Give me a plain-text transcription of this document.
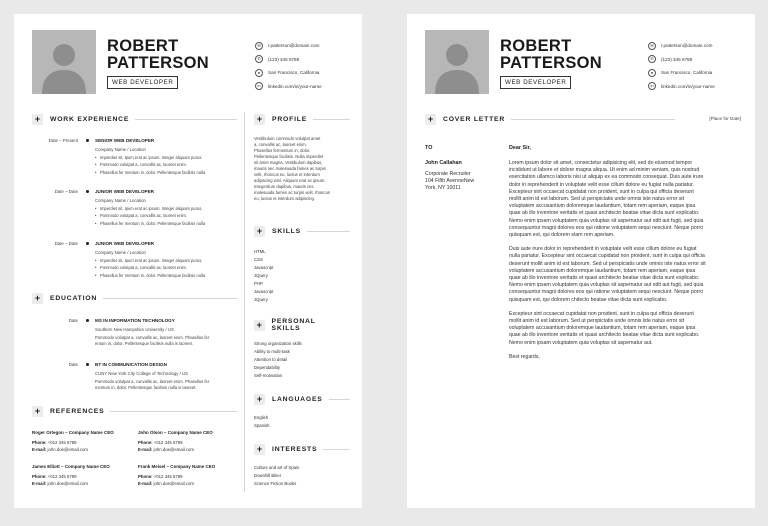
ROBERT
PATTERSON
WEB DEVELOPER
✉	r.patterson@domain.com
✆	(123) 345 6789
●	San Francisco, California
in	linkedin.com/in/your-name
+	WORK EXPERIENCE
Date – Present	SENIOR WEB DEVELOPER
Company Name / Location
• Imperdiet sit. Ipum erat ac ipsum. Integer aliquam purus.
• Pommodo volutpat a, convallis ac, laoreet enim.
• Phasellus fer mentum in, dolor. Pellentesque facilisis nulla
Date – Date	JUNIOR WEB DEVELOPER
Company Name / Location
• Imperdiet sit. Ipum erat ac ipsum. Integer aliquam purus.
• Pommodo volutpat a, convallis ac, laoreet enim.
• Phasellus fer mentum in, dolor. Pellentesque facilisis nulla
Date – Date	JUNIOR WEB DEVELOPER
Company Name / Location
• Imperdiet sit. Ipum erat ac ipsum. Integer aliquam purus.
• Pommodo volutpat a, convallis ac, laoreet enim.
• Phasellus fer mentum in, dolor. Pellentesque facilisis nulla
+	EDUCATION
Date	MS IN INFORMATION TECHNOLOGY
Southern New Hampshire University / US
Pommodo volutpat a, convallis ac, laoreet enim. Phasellus fer
entum in, dolor. Pellentesque facilisis nulla is laoreet.
Date	BT IN COMMUNICATION DESIGN
CUNY New York City College of Technology / US
Pommodo volutpat a, convallis ac, laoreet enim. Phasellus fer
mentum in, dolor. Pellentesque facilisis nulla is laoreet.
+	REFERENCES
Roger Ortegon – Company Name CEO
Phone: +012 345 6789
E-mail: john.doe@email.com
John Olson – Company Name CEO
Phone: +012 345 6789
E-mail: john.doe@email.com
James Elliott – Company Name CEO
Phone: +012 345 6789
E-mail: john.doe@email.com
Frank Meisel – Company Name CEO
Phone: +012 345 6789
E-mail: john.doe@email.com
+	PROFILE
Vestibulum commodo volutpat amet
a, convallis ac, laoreet enim.
Phasellus fermentum in, dolor.
Pellentesque facilisis. Nulla imperdiet
sit amet magna. Vestibulum dapibus,
mauris nec malesuada fames ac turpis
velit, rhoncus eu, luctus et interdum
adipiscing wisi. Aliquam erat ac ipsum.
Integerdum dapibus, mauris nec
malesuada fames ac turpis velit, rhoncus
eu, luctus et interdum adipiscing.
+	SKILLS
HTML
CSS
Javascript
JQuery
PHP
Javascript
JQuery
+	PERSONAL SKILLS
Strong organization skills
Ability to multi-task
Attention to detail
Dependability
Self-motivation
+	LANGUAGES
English
Spanish
+	INTERESTS
Culture and art of Spain
Downhill Biker
Science Fiction Books
ROBERT
PATTERSON
WEB DEVELOPER
✉	r.patterson@domain.com
✆	(123) 345 6789
●	San Francisco, California
in	linkedin.com/in/your-name
+	COVER LETTER	[Place for Date]
TO
John Callahan
Corporate Recruiter
104 Fifth AvenoeNew
York, NY 10011
Dear Sir,
Lorem ipsum dolor sit amet, consectetur adipisicing elit, sed do eiusmod tempor
incididunt ut labore et dolore magna aliqua. Ut enim ad minim veniam, quis nostrud
exercitation ullamco laboris nisi ut aliquip ex ea commodo consequat. Duis aute irure
dolor in reprehenderit in voluptate velit esse cillum dolore eu fugiat nulla pariatur.
Excepteur sint occaecat cupidatat non proident, sunt in culpa qui officia deserunt
mollit anim id est laborum. Sed ut perspiciatis unde omnis iste natus error sit
voluptatem accusantium doloremque laudantium, totam rem aperiam, eaque ipsa
quae ab illo inventore veritatis et quasi architecto beatae vitae dicta sunt explicabo.
Nemo enim ipsam voluptatem quia voluptas sit aspernatur aut odit aut fugit, sed quia
consequuntur magni dolores eos qui ratione voluptatem sequi nesciunt. Neque porro
quisquam est, qui dolorem stam rem aperiam.
Duis aute irure dolor in reprehenderit in voluptate velit esse cillum dolore eu fugiat
nulla pariatur. Excepteur sint occaecat cupidatat non proident, sunt in culpa qui officia
deserunt mollit anim id est laborum. Sed ut perspiciatis unde omnis iste natus error sit
voluptatem accusantium doloremque laudantium, totam rem aperiam, eaque ipsa
quae ab illo inventore veritatis et quasi architecto beatae vitae dicta sunt explicabo.
Nemo enim ipsam voluptatem quia voluptas sit aspernatur aut odit aut fugit, sed quia
consequuntur magni dolores eos qui ratione voluptatem sequi nesciunt. Neque porro
quisquam est, qui dolorem chitecto beatae vitae dicta sunt explicabo.
Excepteur sint occaecat cupidatat non proident, sunt in culpa qui officia deserunt
mollit anim id est laborum. Sed ut perspiciatis unde omnis iste natus error sit
voluptatem accusantium doloremque laudantium, totam rem aperiam, eaque ipsa
quae ab illo inventore veritatis et quasi architecto beatae vitae dicta sunt explicabo.
Nemo enim ipsam voluptatem quia voluptas sit aspernatur aut.
Best regards,
